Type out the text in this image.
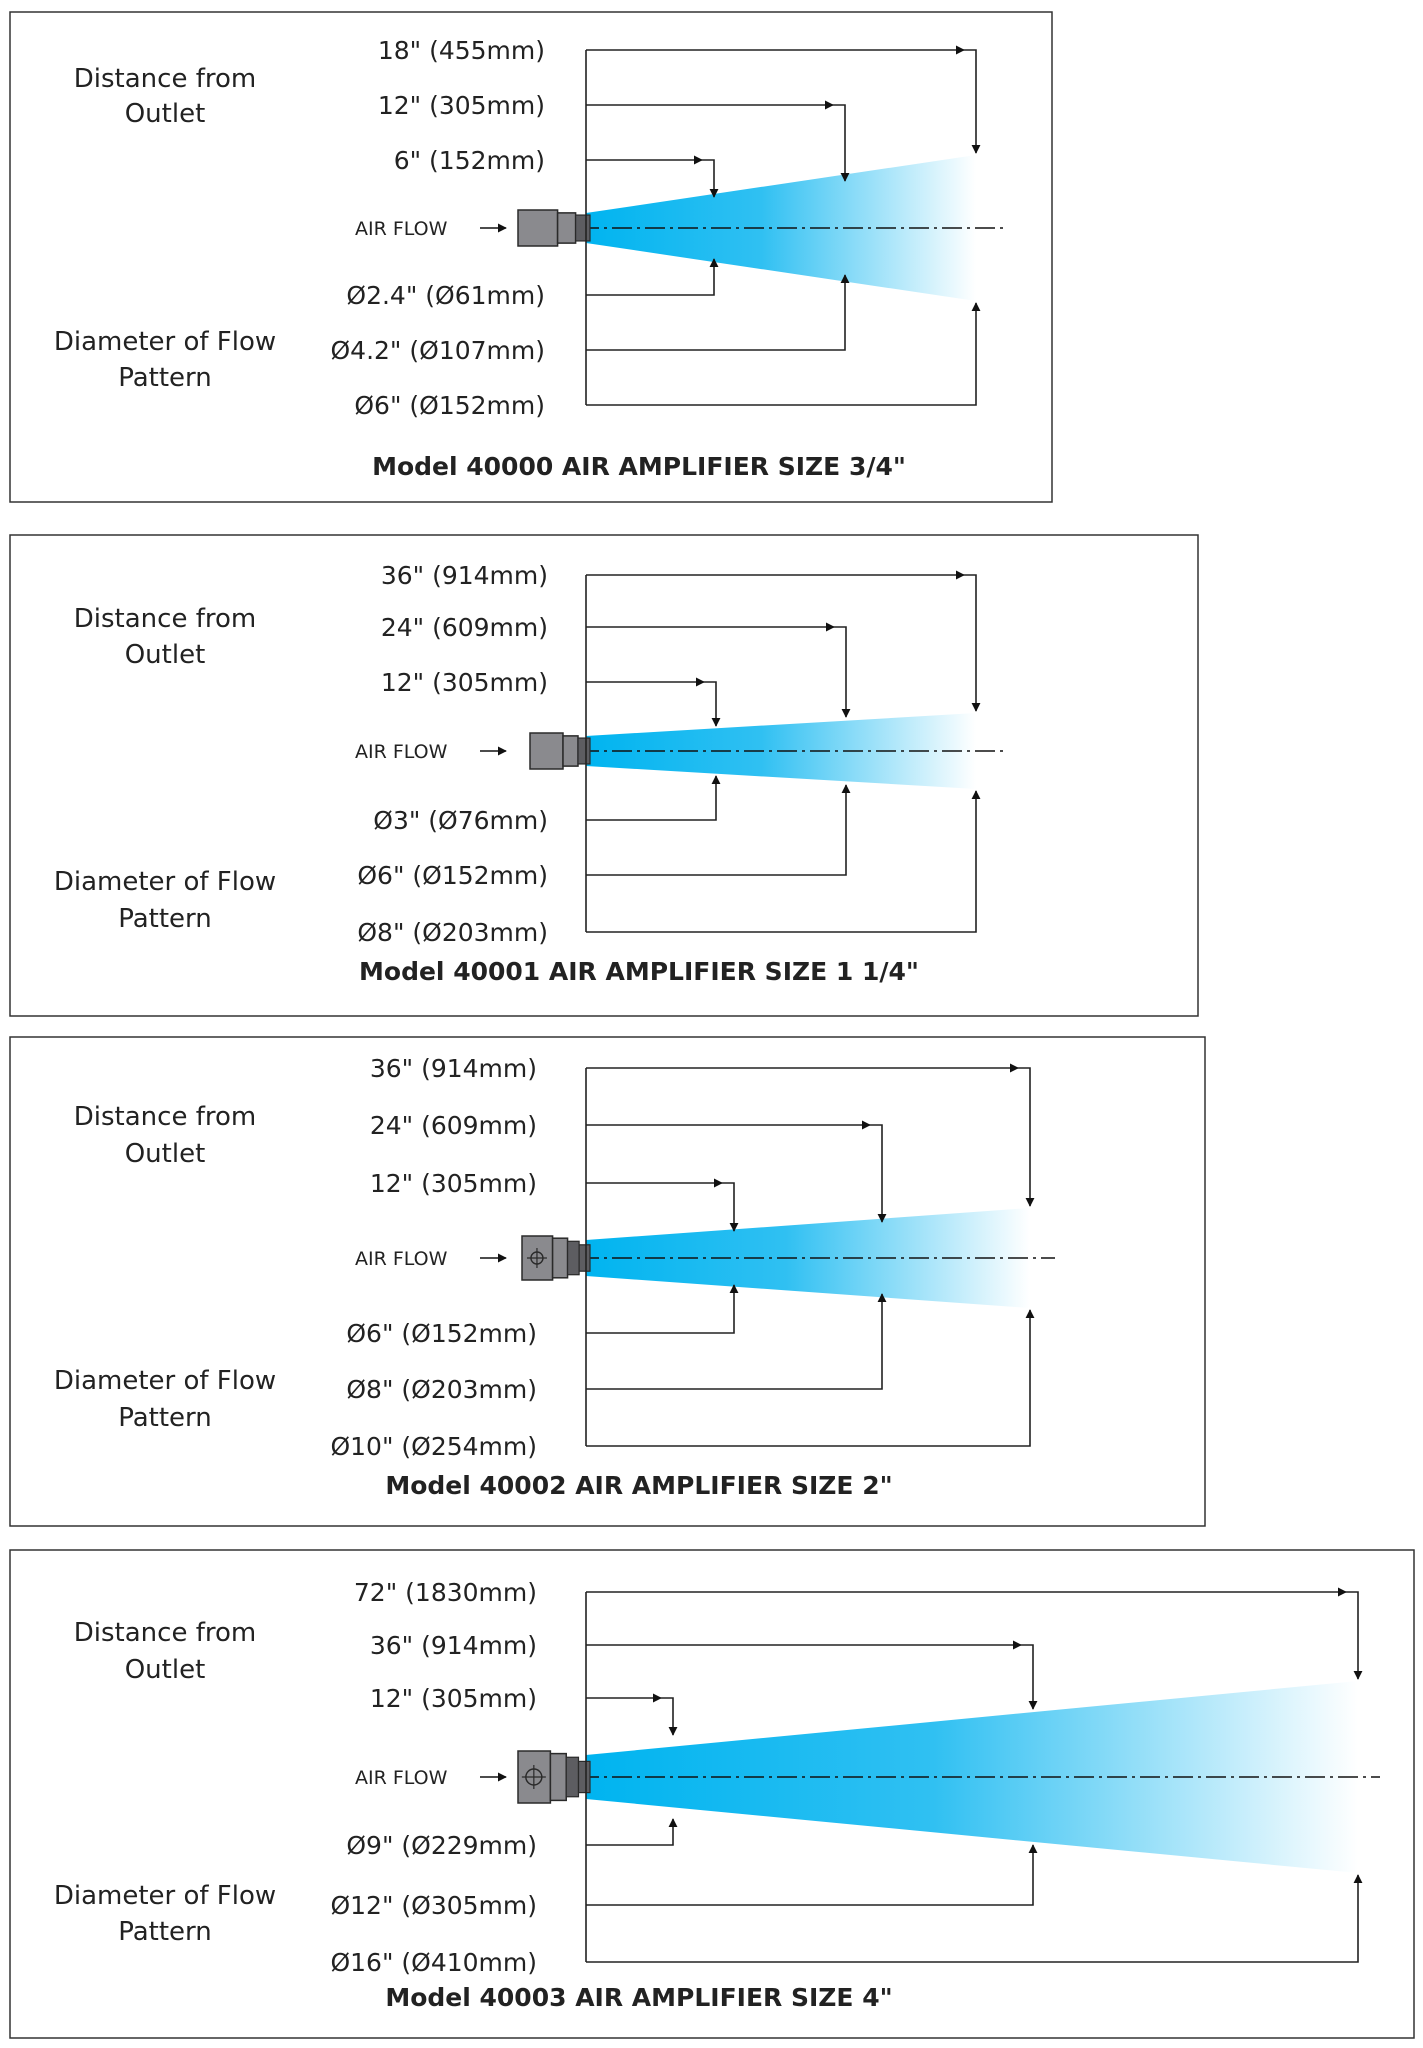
Distance from
Outlet
Diameter of Flow
Pattern
AIR FLOW
18" (455mm)
12" (305mm)
6" (152mm)
Ø2.4" (Ø61mm)
Ø4.2" (Ø107mm)
Ø6" (Ø152mm)
Model 40000 AIR AMPLIFIER SIZE 3/4"
Distance from
Outlet
Diameter of Flow
Pattern
AIR FLOW
36" (914mm)
24" (609mm)
12" (305mm)
Ø3" (Ø76mm)
Ø6" (Ø152mm)
Ø8" (Ø203mm)
Model 40001 AIR AMPLIFIER SIZE 1 1/4"
Distance from
Outlet
Diameter of Flow
Pattern
AIR FLOW
36" (914mm)
24" (609mm)
12" (305mm)
Ø6" (Ø152mm)
Ø8" (Ø203mm)
Ø10" (Ø254mm)
Model 40002 AIR AMPLIFIER SIZE 2"
Distance from
Outlet
Diameter of Flow
Pattern
AIR FLOW
72" (1830mm)
36" (914mm)
12" (305mm)
Ø9" (Ø229mm)
Ø12" (Ø305mm)
Ø16" (Ø410mm)
Model 40003 AIR AMPLIFIER SIZE 4"
